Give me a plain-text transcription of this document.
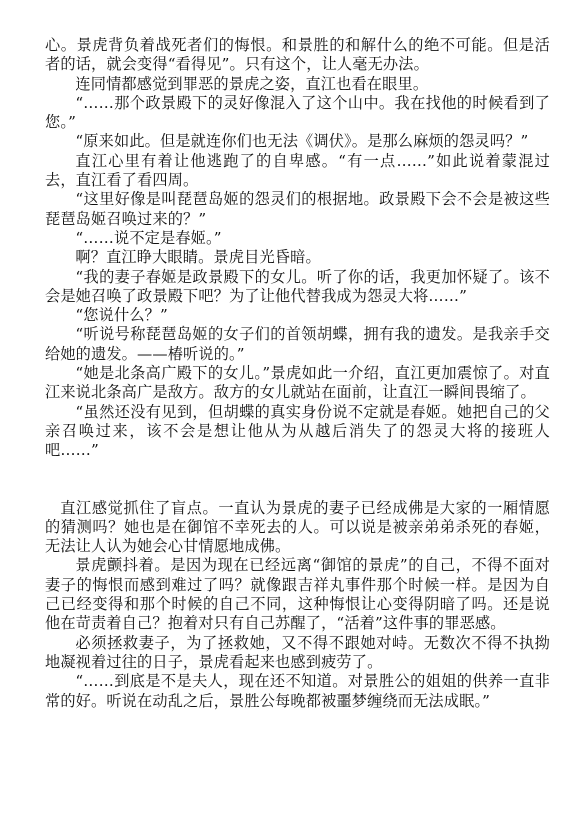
心。景虎背负着战死者们的悔恨。和景胜的和解什么的绝不可能。但是活者的话，就会变得“看得见”。只有这个，让人毫无办法。

连同情都感觉到罪恶的景虎之姿，直江也看在眼里。

“……那个政景殿下的灵好像混入了这个山中。我在找他的时候看到了您。”

“原来如此。但是就连你们也无法《调伏》。是那么麻烦的怨灵吗？”

直江心里有着让他逃跑了的自卑感。“有一点……”如此说着蒙混过去，直江看了看四周。

“这里好像是叫琵琶岛姬的怨灵们的根据地。政景殿下会不会是被这些琵琶岛姬召唤过来的？”

“……说不定是春姬。”

啊？直江睁大眼睛。景虎目光昏暗。

“我的妻子春姬是政景殿下的女儿。听了你的话，我更加怀疑了。该不会是她召唤了政景殿下吧？为了让他代替我成为怨灵大将……”

“您说什么？”

“听说号称琵琶岛姬的女子们的首领胡蝶，拥有我的遗发。是我亲手交给她的遗发。——椿听说的。”

“她是北条高广殿下的女儿。”景虎如此一介绍，直江更加震惊了。对直江来说北条高广是敌方。敌方的女儿就站在面前，让直江一瞬间畏缩了。

“虽然还没有见到，但胡蝶的真实身份说不定就是春姬。她把自己的父亲召唤过来，该不会是想让他从为从越后消失了的怨灵大将的接班人吧……”

直江感觉抓住了盲点。一直认为景虎的妻子已经成佛是大家的一厢情愿的猜测吗？她也是在御馆不幸死去的人。可以说是被亲弟弟杀死的春姬，无法让人认为她会心甘情愿地成佛。

景虎颤抖着。是因为现在已经远离“御馆的景虎”的自己，不得不面对妻子的悔恨而感到难过了吗？就像跟吉祥丸事件那个时候一样。是因为自己已经变得和那个时候的自己不同，这种悔恨让心变得阴暗了吗。还是说他在苛责着自己？抱着对只有自己苏醒了，“活着”这件事的罪恶感。

必须拯救妻子，为了拯救她，又不得不跟她对峙。无数次不得不执拗地凝视着过往的日子，景虎看起来也感到疲劳了。

“……到底是不是夫人，现在还不知道。对景胜公的姐姐的供养一直非常的好。听说在动乱之后，景胜公每晚都被噩梦缠绕而无法成眠。”
